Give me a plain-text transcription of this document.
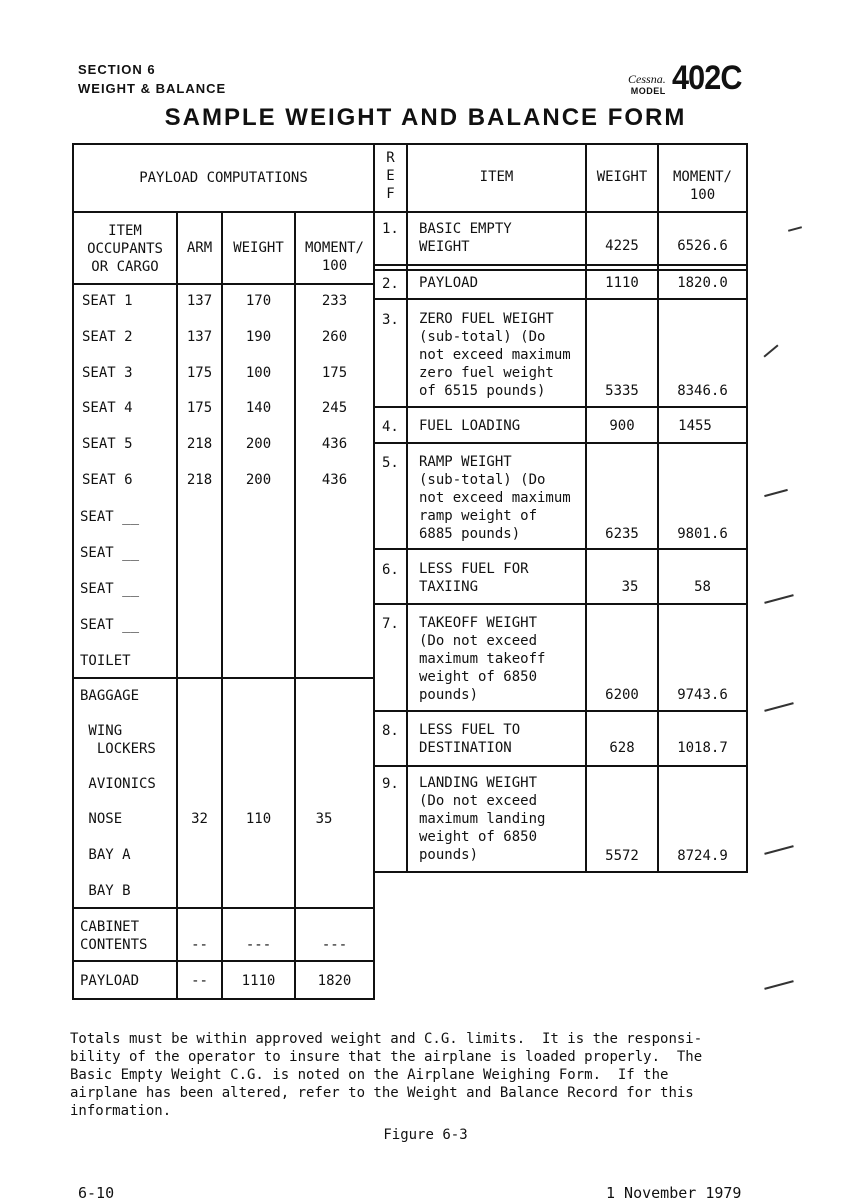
SECTION 6
WEIGHT & BALANCE
Cessna.
MODEL 402C
SAMPLE WEIGHT AND BALANCE FORM
PAYLOAD COMPUTATIONS
ITEM
OCCUPANTS
OR CARGO
ARM	WEIGHT	MOMENT/
100
SEAT 1	137	170	233
SEAT 2	137	190	260
SEAT 3	175	100	175
SEAT 4	175	140	245
SEAT 5	218	200	436
SEAT 6	218	200	436
SEAT __
SEAT __
SEAT __
SEAT __
TOILET
BAGGAGE
WING
LOCKERS
AVIONICS
NOSE	32	110	35
BAY A
BAY B
CABINET
CONTENTS	--	---	---
PAYLOAD	--	1110	1820
R
E
F
ITEM	WEIGHT	MOMENT/
100
1. BASIC EMPTY
WEIGHT	4225	6526.6
2. PAYLOAD	1110	1820.0
3. ZERO FUEL WEIGHT
(sub-total) (Do
not exceed maximum
zero fuel weight
of 6515 pounds)	5335	8346.6
4. FUEL LOADING	900	1455
5. RAMP WEIGHT
(sub-total) (Do
not exceed maximum
ramp weight of
6885 pounds)	6235	9801.6
6. LESS FUEL FOR
TAXIING	35	58
7. TAKEOFF WEIGHT
(Do not exceed
maximum takeoff
weight of 6850
pounds)	6200	9743.6
8. LESS FUEL TO
DESTINATION	628	1018.7
9. LANDING WEIGHT
(Do not exceed
maximum landing
weight of 6850
pounds)	5572	8724.9
Totals must be within approved weight and C.G. limits.  It is the responsi-
bility of the operator to insure that the airplane is loaded properly.  The
Basic Empty Weight C.G. is noted on the Airplane Weighing Form.  If the
airplane has been altered, refer to the Weight and Balance Record for this
information.
Figure 6-3
6-10	1 November 1979
